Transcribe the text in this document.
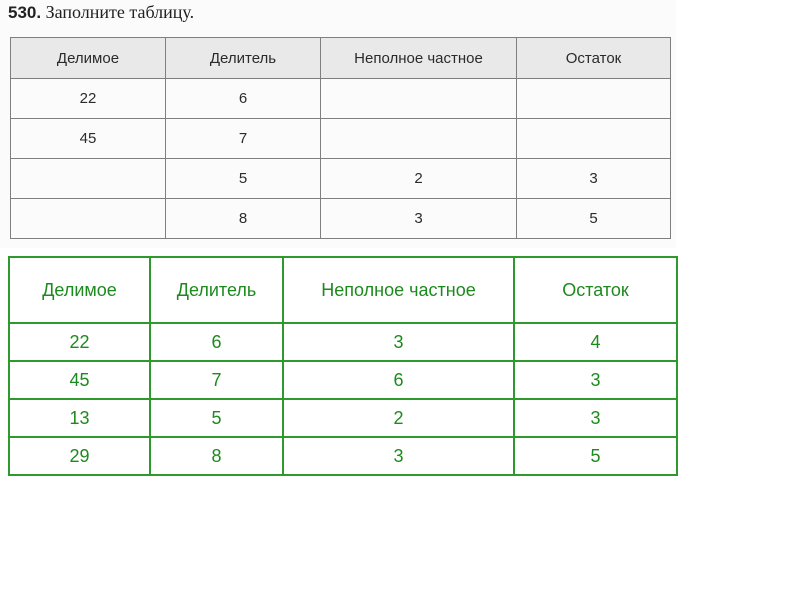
530. Заполните таблицу.
Делимое	Делитель	Неполное частное	Остаток
22	6		
45	7		
	5	2	3
	8	3	5
Делимое	Делитель	Неполное частное	Остаток
22	6	3	4
45	7	6	3
13	5	2	3
29	8	3	5
